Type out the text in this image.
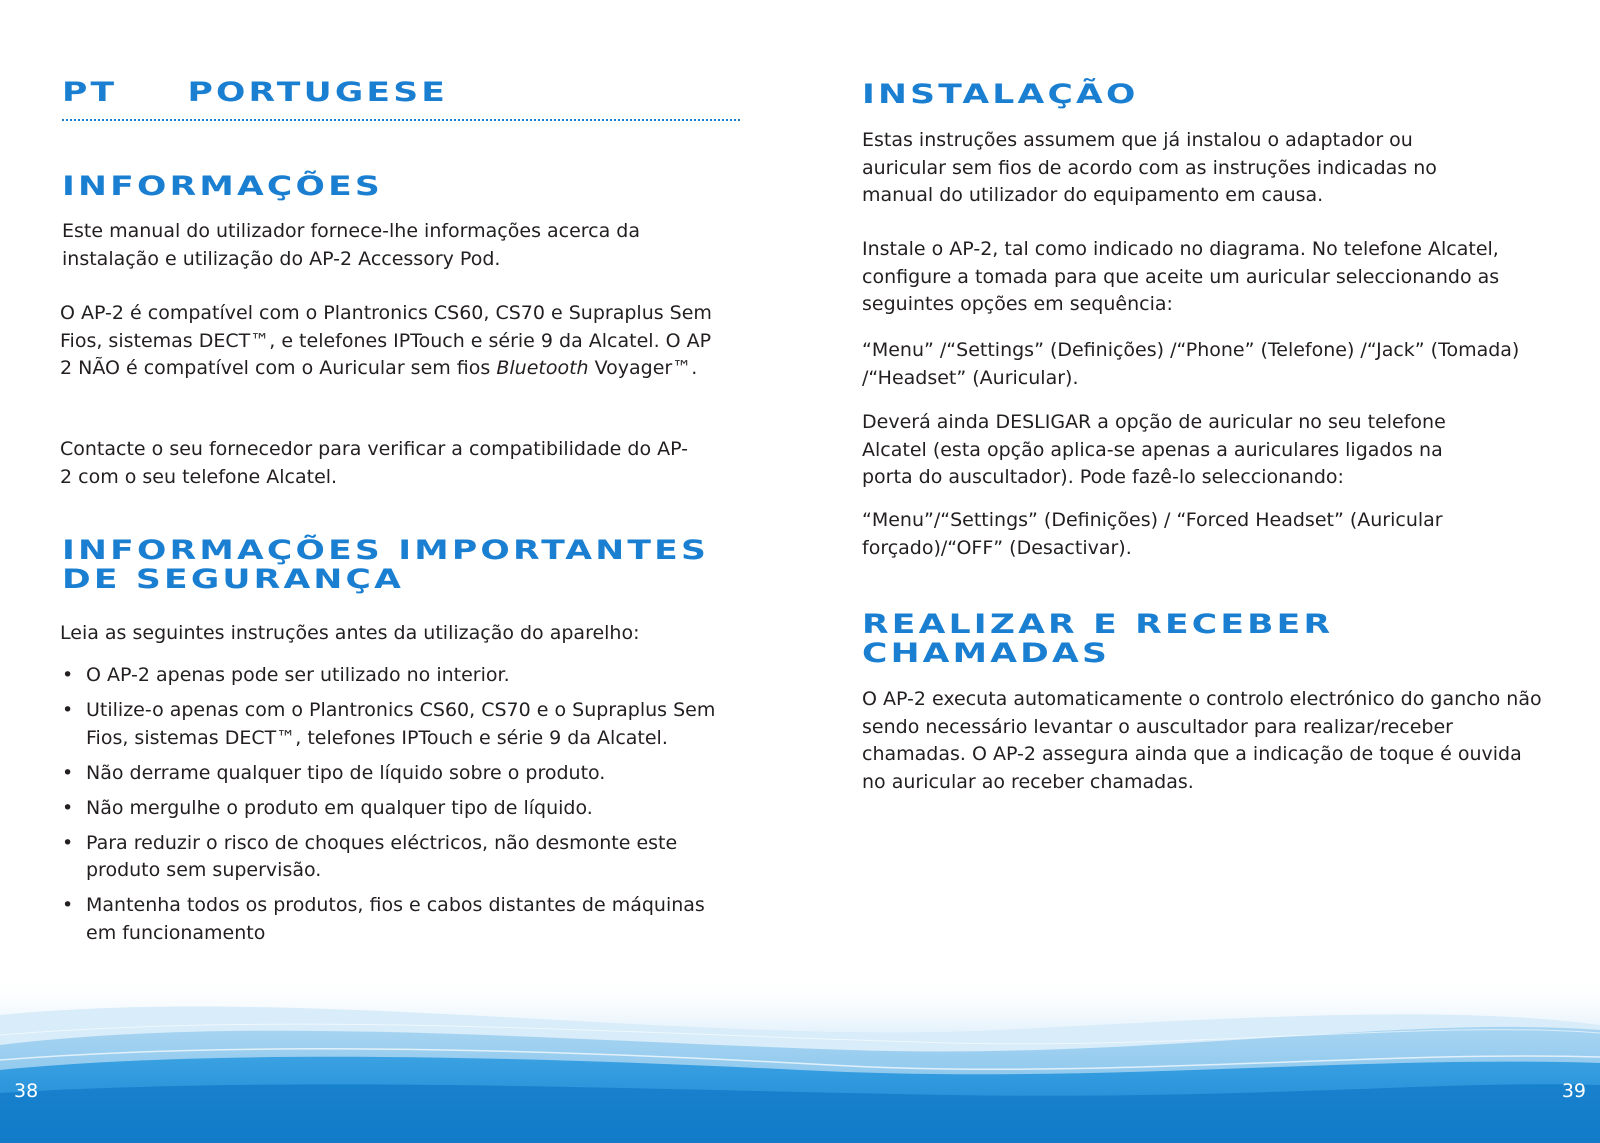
PT	PORTUGESE
INFORMAÇÕES

Este manual do utilizador fornece-lhe informações acerca da instalação e utilização do AP-2 Accessory Pod.

O AP-2 é compatível com o Plantronics CS60, CS70 e Supraplus Sem Fios, sistemas DECT™, e telefones IPTouch e série 9 da Alcatel. O AP 2 NÃO é compatível com o Auricular sem fios Bluetooth Voyager™.

Contacte o seu fornecedor para verificar a compatibilidade do AP-2 com o seu telefone Alcatel.

INFORMAÇÕES IMPORTANTES
DE SEGURANÇA

Leia as seguintes instruções antes da utilização do aparelho:

• O AP-2 apenas pode ser utilizado no interior.
• Utilize-o apenas com o Plantronics CS60, CS70 e o Supraplus Sem Fios, sistemas DECT™, telefones IPTouch e série 9 da Alcatel.
• Não derrame qualquer tipo de líquido sobre o produto.
• Não mergulhe o produto em qualquer tipo de líquido.
• Para reduzir o risco de choques eléctricos, não desmonte este produto sem supervisão.
• Mantenha todos os produtos, fios e cabos distantes de máquinas em funcionamento
INSTALAÇÃO

Estas instruções assumem que já instalou o adaptador ou auricular sem fios de acordo com as instruções indicadas no manual do utilizador do equipamento em causa.

Instale o AP-2, tal como indicado no diagrama. No telefone Alcatel, configure a tomada para que aceite um auricular seleccionando as seguintes opções em sequência:

“Menu” /“Settings” (Definições) /“Phone” (Telefone) /“Jack” (Tomada) /“Headset” (Auricular).

Deverá ainda DESLIGAR a opção de auricular no seu telefone Alcatel (esta opção aplica-se apenas a auriculares ligados na porta do auscultador). Pode fazê-lo seleccionando:

“Menu”/“Settings” (Definições) / “Forced Headset” (Auricular forçado)/“OFF” (Desactivar).

REALIZAR E RECEBER
CHAMADAS

O AP-2 executa automaticamente o controlo electrónico do gancho não sendo necessário levantar o auscultador para realizar/receber chamadas. O AP-2 assegura ainda que a indicação de toque é ouvida no auricular ao receber chamadas.

38	39
